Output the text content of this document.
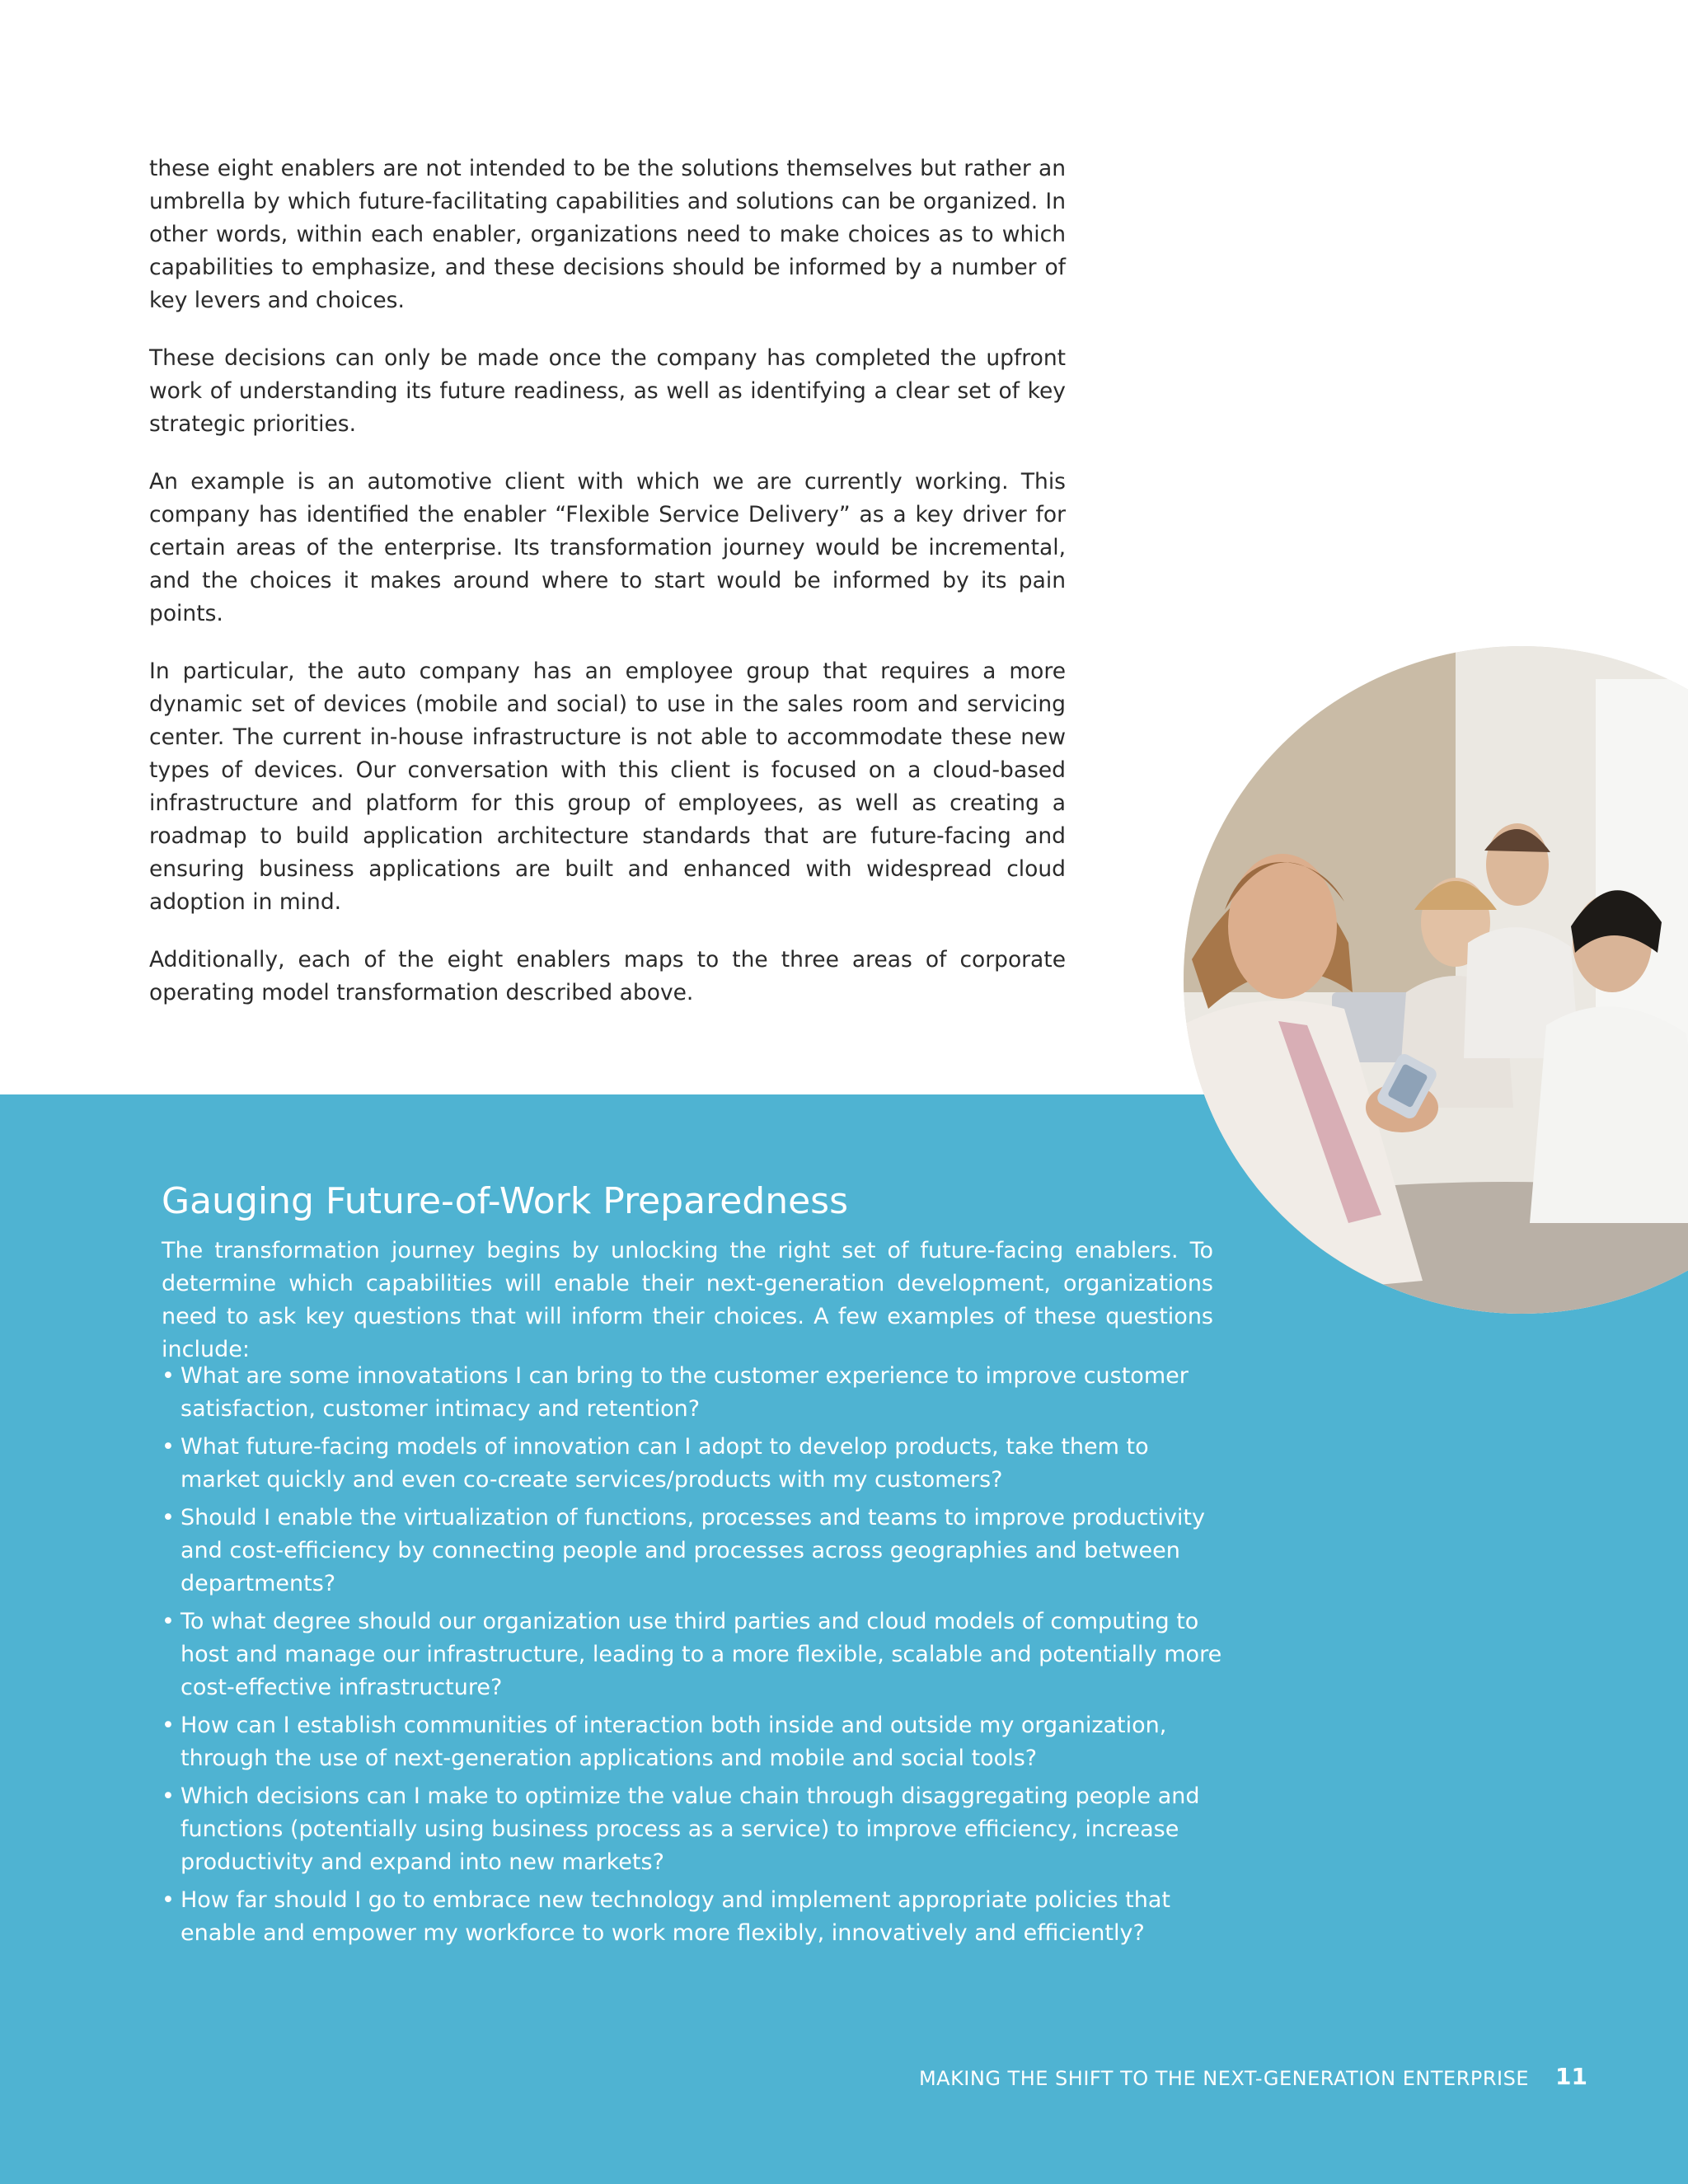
these eight enablers are not intended to be the solutions themselves but rather an umbrella by which future-facilitating capabilities and solutions can be organized. In other words, within each enabler, organizations need to make choices as to which capabilities to emphasize, and these decisions should be informed by a number of key levers and choices.

These decisions can only be made once the company has completed the upfront work of understanding its future readiness, as well as identifying a clear set of key strategic priorities.

An example is an automotive client with which we are currently working. This company has identified the enabler “Flexible Service Delivery” as a key driver for certain areas of the enterprise. Its transformation journey would be incremental, and the choices it makes around where to start would be informed by its pain points.

In particular, the auto company has an employee group that requires a more dynamic set of devices (mobile and social) to use in the sales room and servicing center. The current in-house infrastructure is not able to accommodate these new types of devices. Our conversation with this client is focused on a cloud-based infrastructure and platform for this group of employees, as well as creating a roadmap to build application architecture standards that are future-facing and ensuring business applications are built and enhanced with widespread cloud adoption in mind.

Additionally, each of the eight enablers maps to the three areas of corporate operating model transformation described above.

Gauging Future-of-Work Preparedness

The transformation journey begins by unlocking the right set of future-facing enablers. To determine which capabilities will enable their next-generation development, organizations need to ask key questions that will inform their choices. A few examples of these questions include:

• What are some innovatations I can bring to the customer experience to improve customer satisfaction, customer intimacy and retention?
• What future-facing models of innovation can I adopt to develop products, take them to market quickly and even co-create services/products with my customers?
• Should I enable the virtualization of functions, processes and teams to improve productivity and cost-efficiency by connecting people and processes across geographies and between departments?
• To what degree should our organization use third parties and cloud models of computing to host and manage our infrastructure, leading to a more flexible, scalable and potentially more cost-effective infrastructure?
• How can I establish communities of interaction both inside and outside my organization, through the use of next-generation applications and mobile and social tools?
• Which decisions can I make to optimize the value chain through disaggregating people and functions (potentially using business process as a service) to improve efficiency, increase productivity and expand into new markets?
• How far should I go to embrace new technology and implement appropriate policies that enable and empower my workforce to work more flexibly, innovatively and efficiently?
MAKING THE SHIFT TO THE NEXT-GENERATION ENTERPRISE 11
